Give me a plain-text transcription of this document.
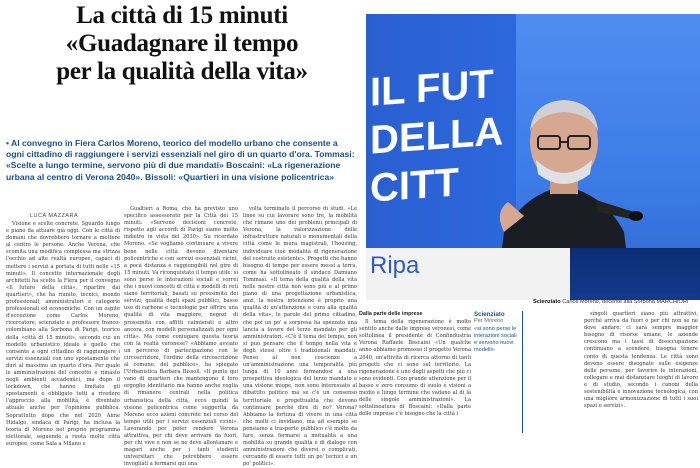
La città di 15 minuti
«Guadagnare il tempo
per la qualità della vita»
• Al convegno in Fiera Carlos Moreno, teorico del modello urbano che consente a ogni cittadino di raggiungere i servizi essenziali nel giro di un quarto d'ora. Tommasi: «Scelte a lungo termine, servono più di due mandati» Boscaini: «La rigenerazione urbana al centro di Verona 2040». Bissoli: «Quartieri in una visione policentrica»
LUCA MAZZARA

Visione e scelte concrete. Sguardo lungo e piano da attuare già oggi. Con le città di domani che dovrebbero tornare a mettere al centro le persone. Anche Verona, che scomita una modifica complessa ma strizza l'occhio ad alte realtà europee, capaci di mettere i servizi a portata di tutti nelle «15 minuti». Il concetto internazionale degli architetti ha scelto la Fiera per il convegno «Il futuro della città», ripartire dai quartieri», che ha riunito, tecnici, mondo professionali, amministratori e categorie professionali ed economiche. Con un ospite d'eccezione come Carlos Moreno, ricercatore, scienziato e professore franco-colombiano alla Sorbona di Parigi, teorico della «città di 15 minuti», secondo cui un modello urbanistico ideale è quello che consente a ogni cittadino di raggiungere i servizi essenziali con uno spostamento che duri al massimo un quarto d'ora. Per quale le amministrazioni del concetto e rimasto negli ambienti accademici, ma dopo il lockdown, che hanno limitato gli spostamenti e obbligato tutti a rivedere l'approccio alla mobilità, è diventato attuale anche per l'opinione pubblica. Soprattutto dopo che nel 2020 Anne Hidalgo, sindaca di Parigi, ha inclusa la teoria di Moreno nel proprio programma elettorale, seguendo a ruota molte città europee, come Sala a Milano e

Gualtieri a Roma, che ha previsto uno specifico assessorato per la Città dei 15 minuti. «Servono decisioni concrete, rispetto agli accordi di Parigi siamo molto indietro in vista del 2030». Su ricordato Moreno. «Se vogliamo continuare a vivere bene nelle città devono diventare policentriche e con servizi essenziali vicini, a poca distanza e raggiungibili nel giro di 15 minuti. Va riconquistato il tempo utile: si sono perse le interazioni sociali e vorrei che i nuovi concetti di città e modelli di reti siano territoriali, basati su prossimità dei servizi, qualità degli spazi pubblici, basso uso di carbone e tecnologie per offrire una qualità di vita maggiore, negozi di prossimità con affitti calmierati e altro ancora, con modelli personalizzati per ogni città». Ma come coniugare questa teoria con la realtà veronese? «Abbiamo avviato un percorso di partecipazione con le circoscrizioni, l'ordine della circoscrizione al comune, del pubblico», ha spiegato l'Urbanistica Barbara Bissoli. «Il punto qui vano di quartieri che mantengono il loro orgoglio identitario ma hanno anche voglia di rimanere centrali nella politica urbanistica della città, ecco quindi la visione policentrica come suggerita da Moreno ecco azioni concrete nel corso del tempo utili per i servizi essenziali vicini». Lavorando per poter rendere Verona attrattiva, per chi deve arrivare da fuori, per chi vive e non se ne deve allontanare e magari anche per i tanti studenti universitari che potrebbero essere invogliati a fermarsi qui una

volta terminato il percorso di studi. «Le linee su cui lavorare sono tre, la mobilità che rimane uno dei problemi principali di Verona, la valorizzazione delle infrastrutture naturali e monumentali della città come le mura magistrali, l'housing, individuare cioè modalità di rigenerazione del costruito esistente». Progetti che hanno bisogno di tempo per essere messi a terra, come ha sottolineato il sindaco Damiano Tommasi. «Il tema della qualità della vita nelle nostre città non sono più e al primo piano di una progettazione urbanistica, anzi, la nostra intenzione è proprio una qualità di un'attenzione e cura alla qualità della vita», le parole del primo cittadino, che poi un po' a sorpresa ha spezzato una lancia a favore del terzo mandato per gli amministratori. «C'è il tema del tempo, non si può pensare che il tempo nella vita e degli stessi oltre i tradizionali mandati. Penso al non coscienze a un'amministrazione una temporalità più lunga di 10 anni fermandosi a una prospettiva ideologica del terzo mandato e una visione miope, non sono interessato al dibattito politico ma se c'è un consenso territoriale e progettualità che devono continuare perché dire di no? Verona? Abbiamo la fortuna di vivere in una città che molti ci invidiano, ma ad esempio se pensiamo a trasporto pubblico c'è molto da fare, senza fermarsi a mutualità a una mobilità su grande qualità e di dialogo con amministrazioni che diversi o complicati, cercando di essere tutti un po' tecnici e un po' politici».

IL FUT
DELLA
CITT
Ripa
Scienziato Carlos Moreno, docente alla Sorbona MARCHIORI
Dalla parte delle imprese

Il tema della rigenerazione è molto sentito anche dalle imprese veronesi, come sottolinea il presidente di Confindustria Verona Raffaele Boscaini «Un qualche anno abbiamo promosso il progetto Verona 2040, un'attività di ricerca attorno di tanti progetti che ci sono sul territorio. La rigenerazione è uno degli aspetti che più ci sono evidenti. Con grande attenzione per il basso e zero consumo di suolo e visioni a medio e lungo termine che vadano al di là delle singole amministrazioni». La sottolineatura di Boscaini: «Dalla parte delle imprese c'è bisogno che la città i

Scienziato
Per Moreno
«si sono perse le interazioni sociali e servono nuovi modelli»

singoli quartieri siano più attrattivi, perché arriva da fuori o per chi non se ne deve andare: ci sarà sempre maggior bisogno di risorse umane, le aziende crescono ma i tassi di disoccupazione continuano a scendere, bisogna tenere conto di questa tendenza. Le città sono devono essere disegnate sulle esigenze delle persone, per favorire le interazioni, collegare e mai distanziare luoghi di lavoro e di studio, secondo i canoni della sostenibilità e innovazione tecnologica, con una migliore armonizzazione di tutti i suoi spazi e servizi».
